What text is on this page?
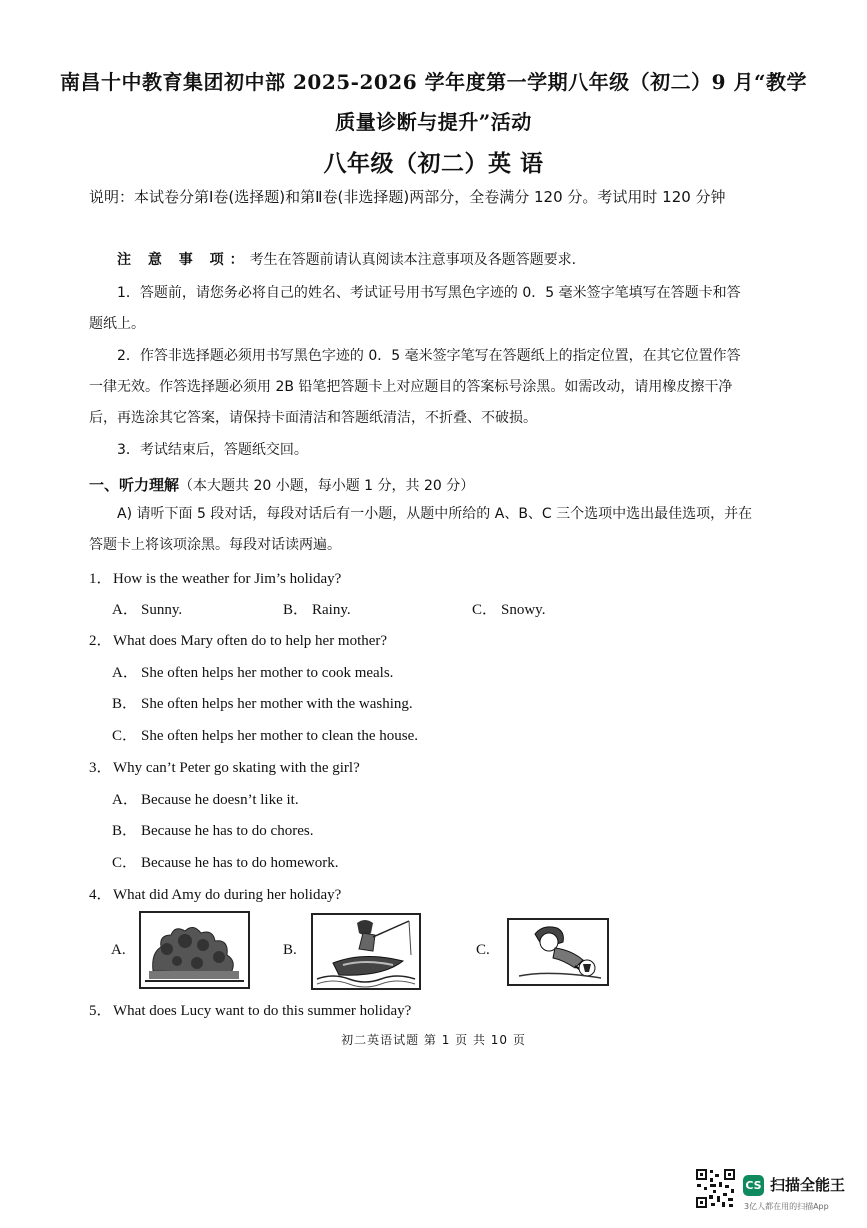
南昌十中教育集团初中部 2025-2026 学年度第一学期八年级（初二）9 月“教学
质量诊断与提升”活动
八年级（初二）英 语
说明：本试卷分第Ⅰ卷(选择题)和第Ⅱ卷(非选择题)两部分，全卷满分 120 分。考试用时 120 分钟
注 意 事 项：考生在答题前请认真阅读本注意事项及各题答题要求.
1．答题前，请您务必将自己的姓名、考试证号用书写黑色字迹的 0．5 毫米签字笔填写在答题卡和答题纸上。
2．作答非选择题必须用书写黑色字迹的 0．5 毫米签字笔写在答题纸上的指定位置，在其它位置作答一律无效。作答选择题必须用 2B 铅笔把答题卡上对应题目的答案标号涂黑。如需改动，请用橡皮擦干净后，再选涂其它答案，请保持卡面清洁和答题纸清洁，不折叠、不破损。
3．考试结束后，答题纸交回。
一、听力理解（本大题共 20 小题，每小题 1 分，共 20 分）
A) 请听下面 5 段对话，每段对话后有一小题，从题中所给的 A、B、C 三个选项中选出最佳选项，并在答题卡上将该项涂黑。每段对话读两遍。
1．How is the weather for Jim’s holiday?
A． Sunny.	B． Rainy.	C． Snowy.
2．What does Mary often do to help her mother?
A． She often helps her mother to cook meals.
B． She often helps her mother with the washing.
C． She often helps her mother to clean the house.
3．Why can’t Peter go skating with the girl?
A． Because he doesn’t like it.
B． Because he has to do chores.
C． Because he has to do homework.
4．What did Amy do during her holiday?
A.	B.	C.
5．What does Lucy want to do this summer holiday?
初二英语试题 第 1 页 共 10 页
CS 扫描全能王
3亿人都在用的扫描App
